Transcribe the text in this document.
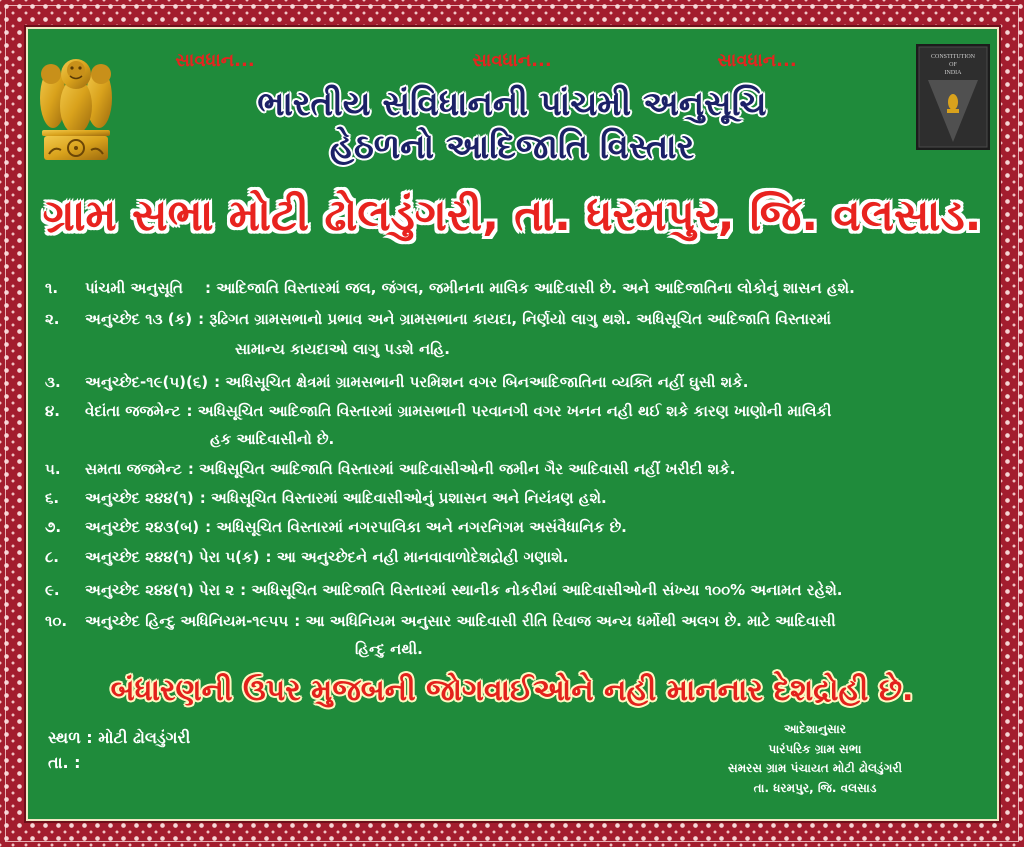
CONSTITUTION
OF
INDIA
સાવધાન...	સાવધાન...	સાવધાન...
ભારતીય સંવિધાનની પાંચમી અનુસૂચિ
હેઠળનો આદિજાતિ વિસ્તાર
ગ્રામ સભા મોટી ઢોલડુંગરી, તા. ધરમપુર, જિ. વલસાડ.
૧. પાંચમી અનુસૂતિ : આદિજાતિ વિસ્તારમાં જલ, જંગલ, જમીનના માલિક આદિવાસી છે. અને આદિજાતિના લોકોનું શાસન હશે.
૨. અનુચ્છેદ ૧૩ (ક) : રૂઢિગત ગ્રામસભાનો પ્રભાવ અને ગ્રામસભાના કાયદા, નિર્ણયો લાગુ થશે. અધિસૂચિત આદિજાતિ વિસ્તારમાં
સામાન્ય કાયદાઓ લાગુ પડશે નહિ.
૩. અનુચ્છેદ-૧૯(૫)(૬) : અધિસૂચિત ક્ષેત્રમાં ગ્રામસભાની પરમિશન વગર બિનઆદિજાતિના વ્યક્તિ નહીં ઘુસી શકે.
૪. વેદાંતા જજમેન્ટ : અધિસૂચિત આદિજાતિ વિસ્તારમાં ગ્રામસભાની પરવાનગી વગર ખનન નહી થઈ શકે કારણ ખાણોની માલિકી
હક આદિવાસીનો છે.
૫. સમતા જજમેન્ટ : અધિસૂચિત આદિજાતિ વિસ્તારમાં આદિવાસીઓની જમીન ગૈર આદિવાસી નહીં ખરીદી શકે.
૬. અનુચ્છેદ ૨૪૪(૧) : અધિસૂચિત વિસ્તારમાં આદિવાસીઓનું પ્રશાસન અને નિયંત્રણ હશે.
૭. અનુચ્છેદ ૨૪૩(બ) : અધિસૂચિત વિસ્તારમાં નગરપાલિકા અને નગરનિગમ અસંવૈધાનિક છે.
૮. અનુચ્છેદ ૨૪૪(૧) પેરા ૫(ક) : આ અનુચ્છેદને નહી માનવાવાળોદેશદ્રોહી ગણાશે.
૯. અનુચ્છેદ ૨૪૪(૧) પેરા ૨ : અધિસૂચિત આદિજાતિ વિસ્તારમાં સ્થાનીક નોકરીમાં આદિવાસીઓની સંખ્યા ૧૦૦% અનામત રહેશે.
૧૦. અનુચ્છેદ હિન્દુ અધિનિયમ-૧૯૫૫ : આ અધિનિયમ અનુસાર આદિવાસી રીતિ રિવાજ અન્ય ધર્મોથી અલગ છે. માટે આદિવાસી
હિન્દુ નથી.
બંધારણની ઉપર મુજબની જોગવાઈઓને નહી માનનાર દેશદ્રોહી છે.
સ્થળ : મોટી ઢોલડુંગરી
તા. :
આદેશાનુસાર
પારંપરિક ગ્રામ સભા
સમરસ ગ્રામ પંચાયત મોટી ઢોલડુંગરી
તા. ધરમપુર, જિ. વલસાડ
